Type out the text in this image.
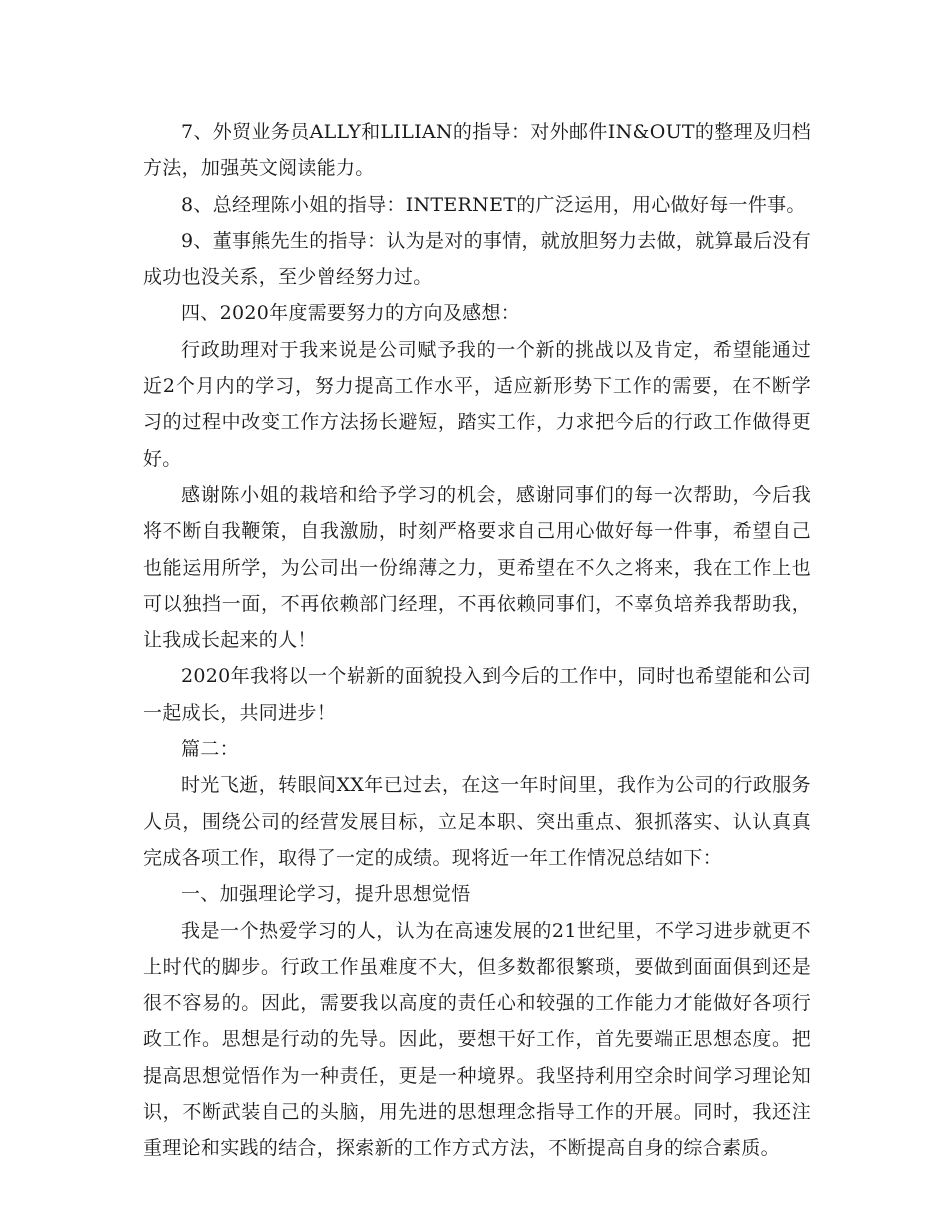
7、外贸业务员ALLY和LILIAN的指导：对外邮件IN&OUT的整理及归档方法，加强英文阅读能力。

8、总经理陈小姐的指导：INTERNET的广泛运用，用心做好每一件事。

9、董事熊先生的指导：认为是对的事情，就放胆努力去做，就算最后没有成功也没关系，至少曾经努力过。

四、2020年度需要努力的方向及感想：

行政助理对于我来说是公司赋予我的一个新的挑战以及肯定，希望能通过近2个月内的学习，努力提高工作水平，适应新形势下工作的需要，在不断学习的过程中改变工作方法扬长避短，踏实工作，力求把今后的行政工作做得更好。

感谢陈小姐的栽培和给予学习的机会，感谢同事们的每一次帮助，今后我将不断自我鞭策，自我激励，时刻严格要求自己用心做好每一件事，希望自己也能运用所学，为公司出一份绵薄之力，更希望在不久之将来，我在工作上也可以独挡一面，不再依赖部门经理，不再依赖同事们，不辜负培养我帮助我，让我成长起来的人！

2020年我将以一个崭新的面貌投入到今后的工作中，同时也希望能和公司一起成长，共同进步！

篇二：

时光飞逝，转眼间XX年已过去，在这一年时间里，我作为公司的行政服务人员，围绕公司的经营发展目标，立足本职、突出重点、狠抓落实、认认真真完成各项工作，取得了一定的成绩。现将近一年工作情况总结如下：

一、加强理论学习，提升思想觉悟

我是一个热爱学习的人，认为在高速发展的21世纪里，不学习进步就更不上时代的脚步。行政工作虽难度不大，但多数都很繁琐，要做到面面俱到还是很不容易的。因此，需要我以高度的责任心和较强的工作能力才能做好各项行政工作。思想是行动的先导。因此，要想干好工作，首先要端正思想态度。把提高思想觉悟作为一种责任，更是一种境界。我坚持利用空余时间学习理论知识，不断武装自己的头脑，用先进的思想理念指导工作的开展。同时，我还注重理论和实践的结合，探索新的工作方式方法，不断提高自身的综合素质。
